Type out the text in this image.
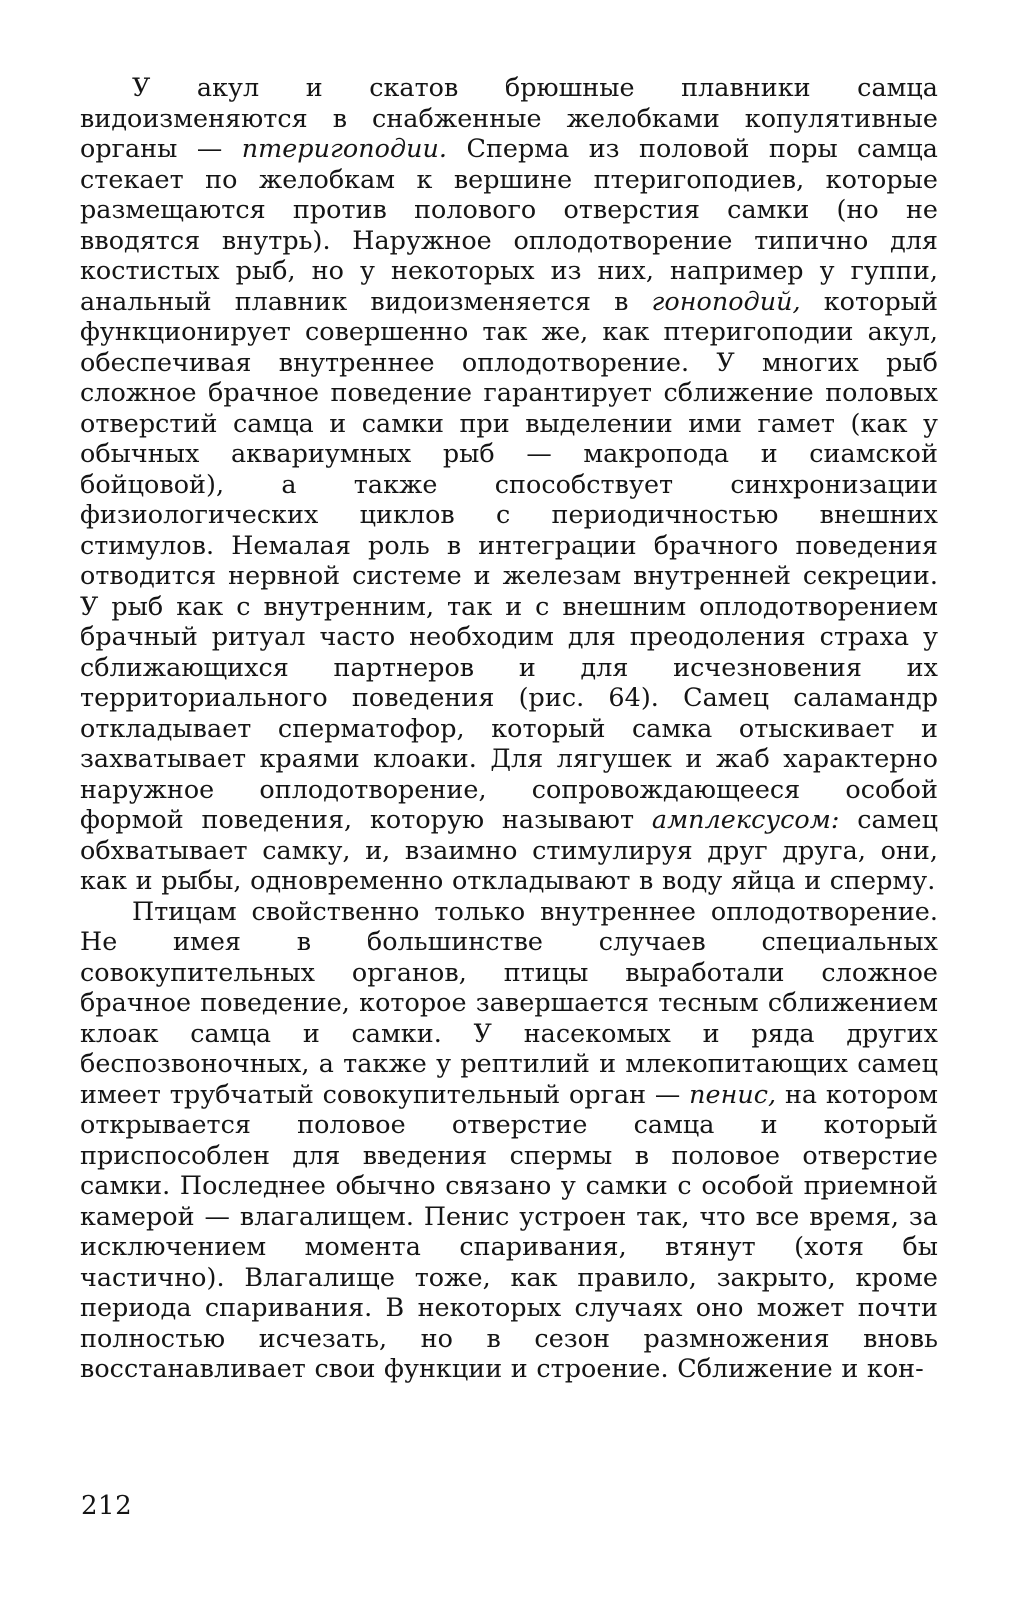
У акул и скатов брюшные плавники самца видоизменяются в снабженные желобками копулятивные органы — птеригоподии. Сперма из половой поры самца стекает по желобкам к вершине птеригоподиев, которые размещаются против полового отверстия самки (но не вводятся внутрь). Наружное оплодотворение типично для костистых рыб, но у некоторых из них, например у гуппи, анальный плавник видоизменяется в гоноподий, который функционирует совершенно так же, как птеригоподии акул, обеспечивая внутреннее оплодотворение. У многих рыб сложное брачное поведение гарантирует сближение половых отверстий самца и самки при выделении ими гамет (как у обычных аквариумных рыб — макропода и сиамской бойцовой), а также способствует синхронизации физиологических циклов с периодичностью внешних стимулов. Немалая роль в интеграции брачного поведения отводится нервной системе и железам внутренней секреции. У рыб как с внутренним, так и с внешним оплодотворением брачный ритуал часто необходим для преодоления страха у сближающихся партнеров и для исчезновения их территориального поведения (рис. 64). Самец саламандр откладывает сперматофор, который самка отыскивает и захватывает краями клоаки. Для лягушек и жаб характерно наружное оплодотворение, сопровождающееся особой формой поведения, которую называют амплексусом: самец обхватывает самку, и, взаимно стимулируя друг друга, они, как и рыбы, одновременно откладывают в воду яйца и сперму.

Птицам свойственно только внутреннее оплодотворение. Не имея в большинстве случаев специальных совокупительных органов, птицы выработали сложное брачное поведение, которое завершается тесным сближением клоак самца и самки. У насекомых и ряда других беспозвоночных, а также у рептилий и млекопитающих самец имеет трубчатый совокупительный орган — пенис, на котором открывается половое отверстие самца и который приспособлен для введения спермы в половое отверстие самки. Последнее обычно связано у самки с особой приемной камерой — влагалищем. Пенис устроен так, что все время, за исключением момента спаривания, втянут (хотя бы частично). Влагалище тоже, как правило, закрыто, кроме периода спаривания. В некоторых случаях оно может почти полностью исчезать, но в сезон размножения вновь восстанавливает свои функции и строение. Сближение и кон-

212
